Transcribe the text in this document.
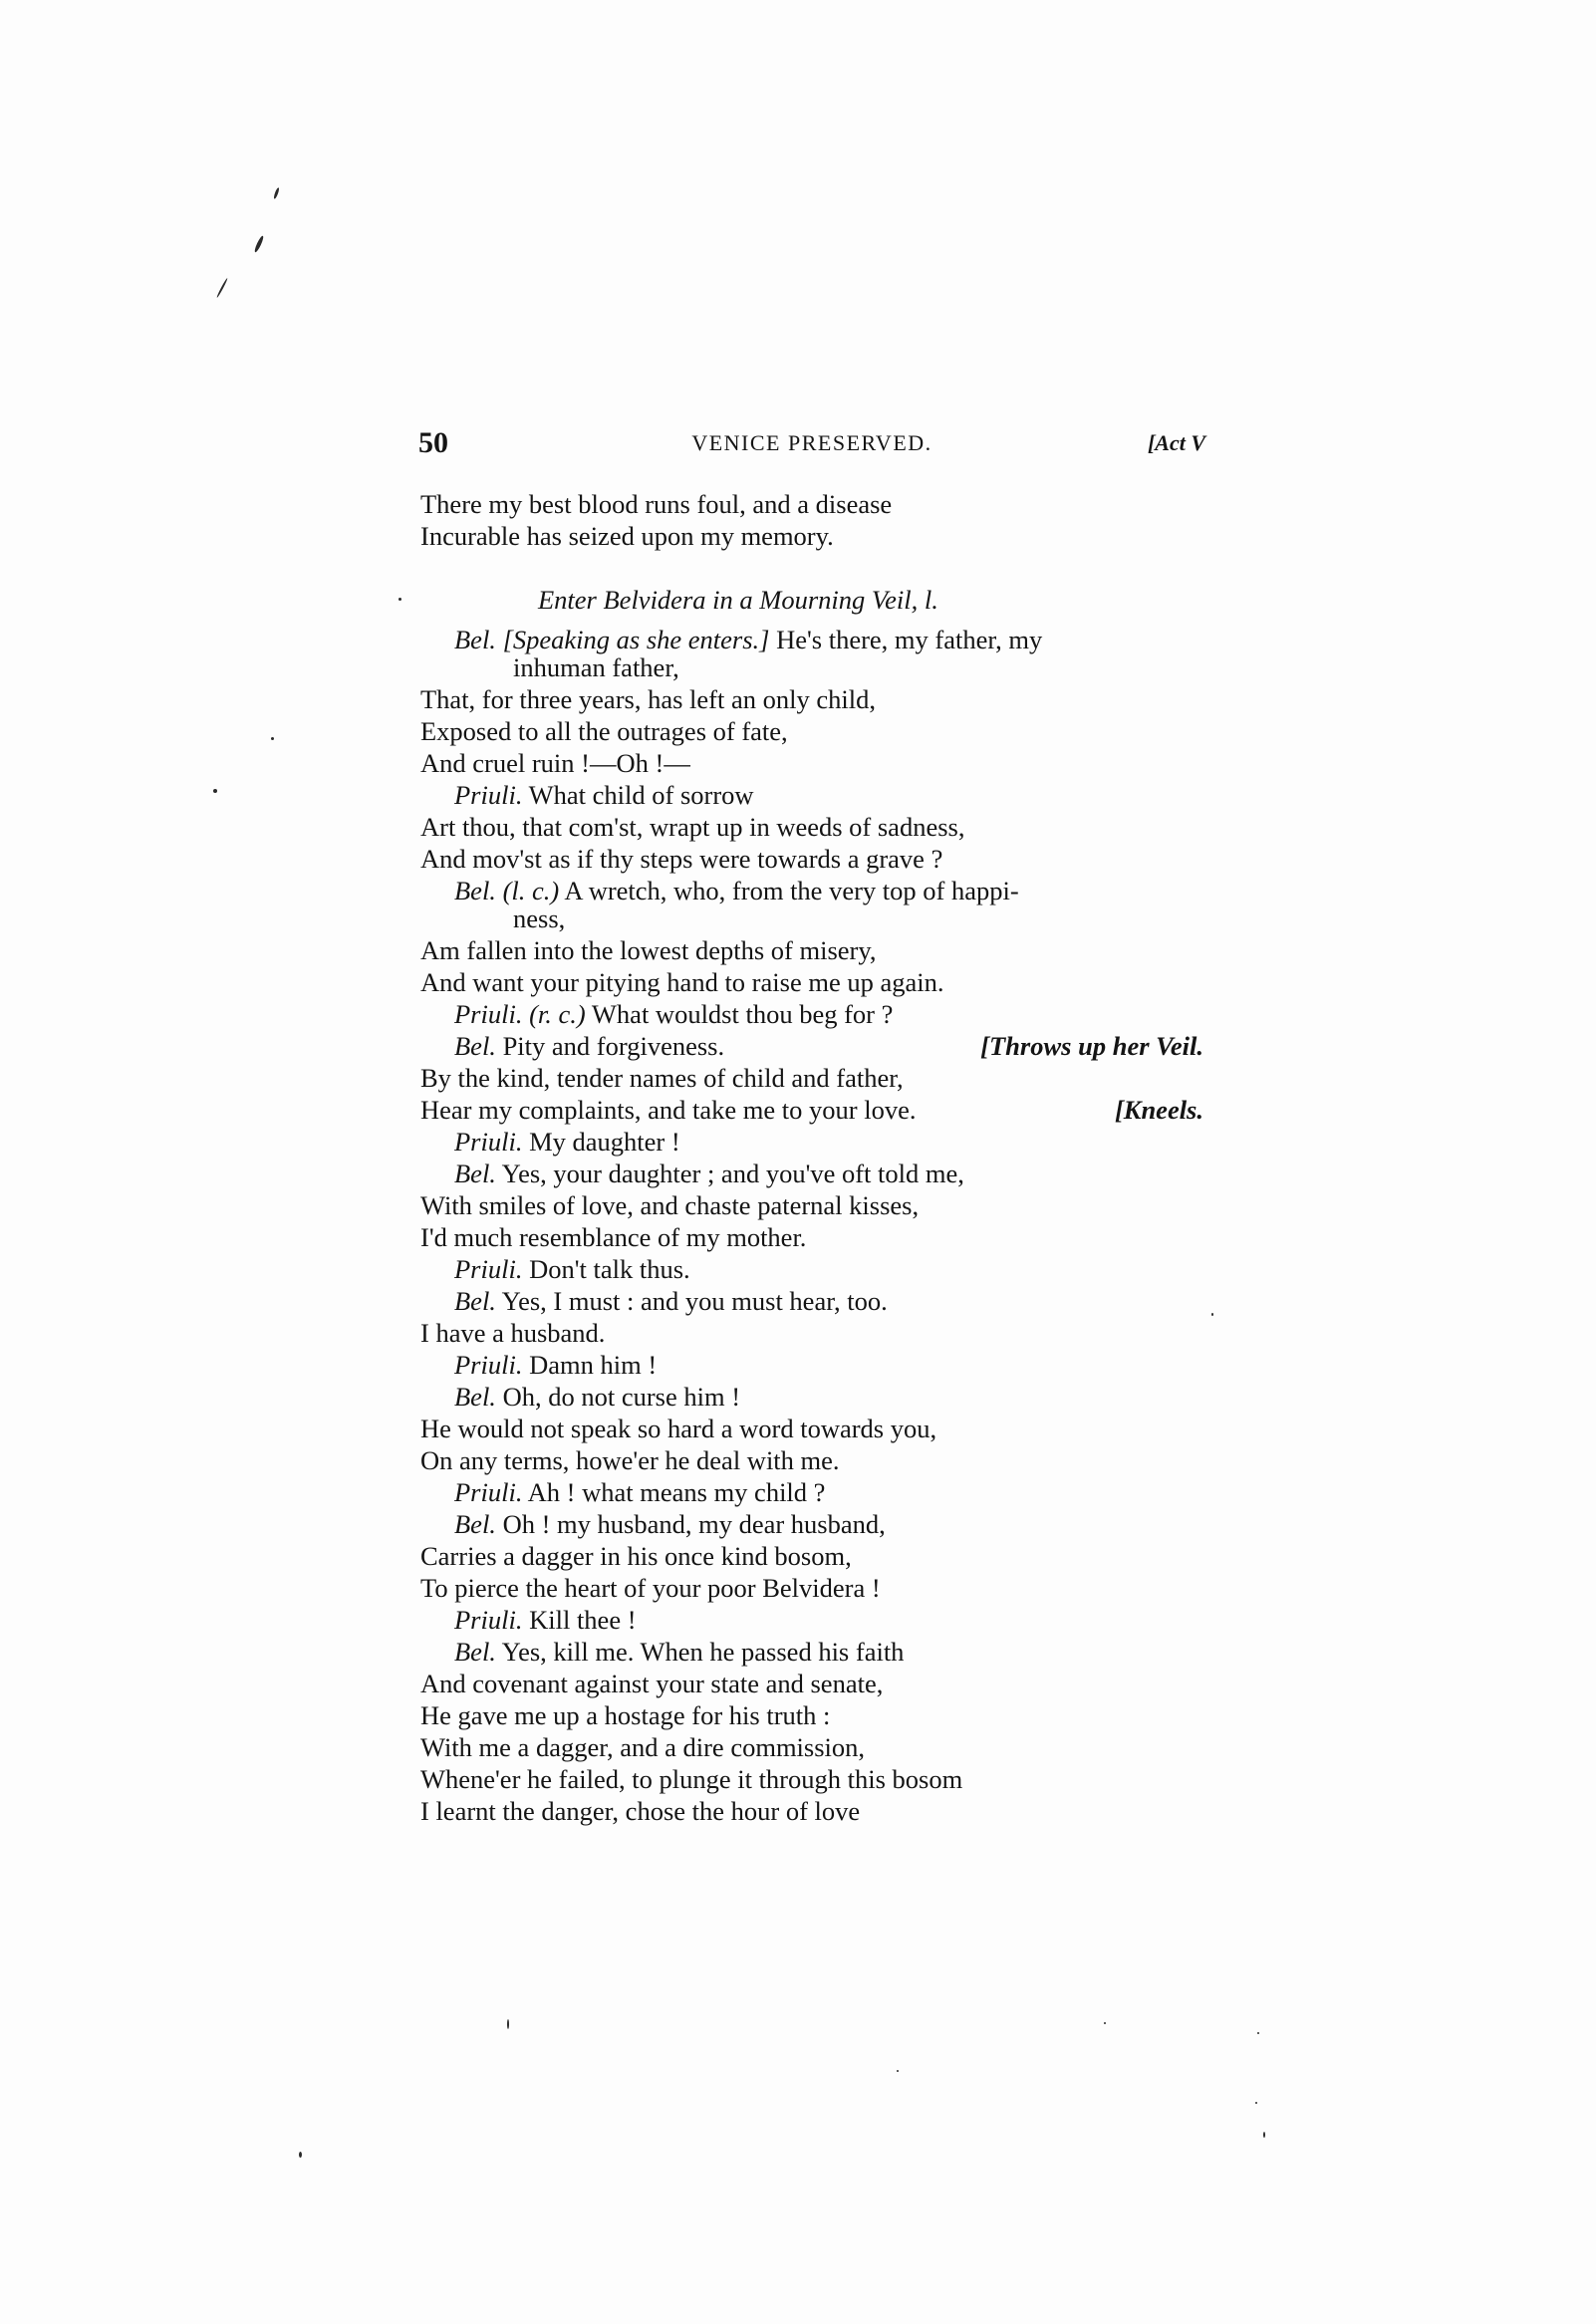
50	VENICE PRESERVED.	[Act V
There my best blood runs foul, and a disease
Incurable has seized upon my memory.
Enter Belvidera in a Mourning Veil, l.
Bel. [Speaking as she enters.] He's there, my father, my
inhuman father,
That, for three years, has left an only child,
Exposed to all the outrages of fate,
And cruel ruin !—Oh !—
Priuli. What child of sorrow
Art thou, that com'st, wrapt up in weeds of sadness,
And mov'st as if thy steps were towards a grave ?
Bel. (l. c.) A wretch, who, from the very top of happi-
ness,
Am fallen into the lowest depths of misery,
And want your pitying hand to raise me up again.
Priuli. (r. c.) What wouldst thou beg for ?
Bel. Pity and forgiveness.	[Throws up her Veil.
By the kind, tender names of child and father,
Hear my complaints, and take me to your love.	[Kneels.
Priuli. My daughter !
Bel. Yes, your daughter ; and you've oft told me,
With smiles of love, and chaste paternal kisses,
I'd much resemblance of my mother.
Priuli. Don't talk thus.
Bel. Yes, I must : and you must hear, too.
I have a husband.
Priuli. Damn him !
Bel. Oh, do not curse him !
He would not speak so hard a word towards you,
On any terms, howe'er he deal with me.
Priuli. Ah ! what means my child ?
Bel. Oh ! my husband, my dear husband,
Carries a dagger in his once kind bosom,
To pierce the heart of your poor Belvidera !
Priuli. Kill thee !
Bel. Yes, kill me. When he passed his faith
And covenant against your state and senate,
He gave me up a hostage for his truth :
With me a dagger, and a dire commission,
Whene'er he failed, to plunge it through this bosom
I learnt the danger, chose the hour of love
